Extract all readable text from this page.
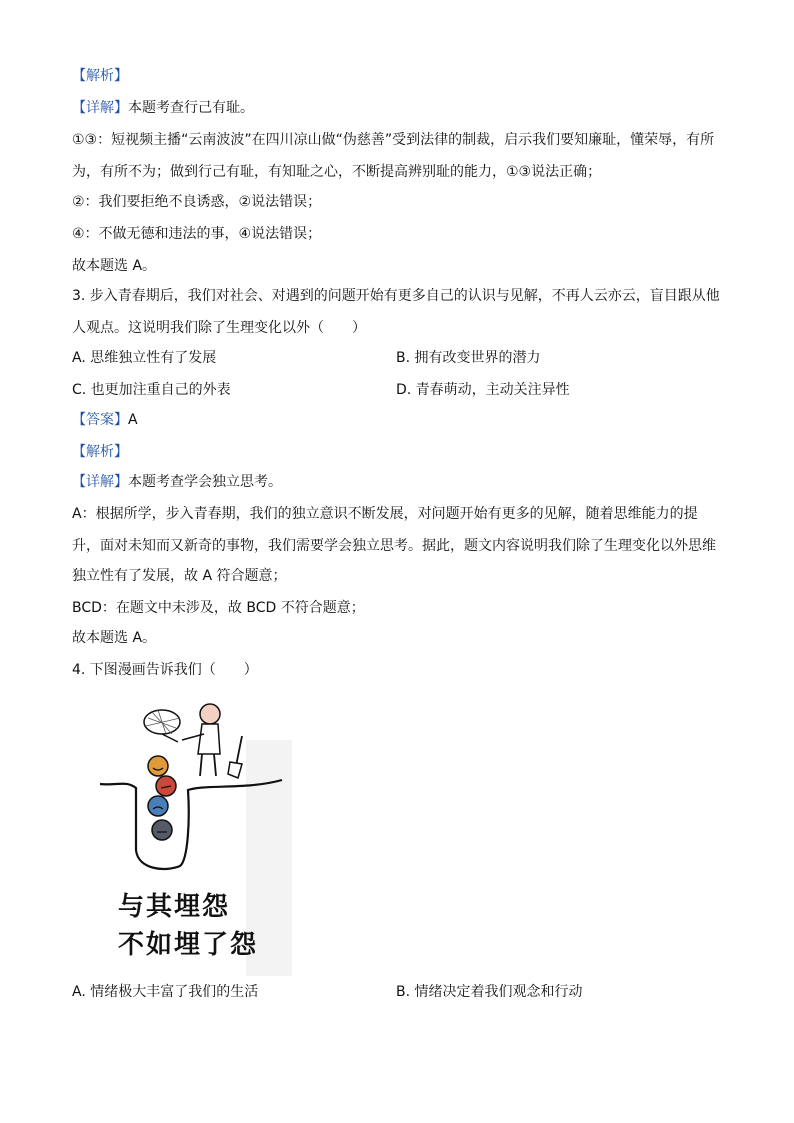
【解析】
【详解】本题考查行己有耻。
①③：短视频主播“云南波波”在四川凉山做“伪慈善”受到法律的制裁，启示我们要知廉耻，懂荣辱，有所
为，有所不为；做到行己有耻，有知耻之心，不断提高辨别耻的能力，①③说法正确；
②：我们要拒绝不良诱惑，②说法错误；
④：不做无德和违法的事，④说法错误；
故本题选 A。
3. 步入青春期后，我们对社会、对遇到的问题开始有更多自己的认识与见解，不再人云亦云，盲目跟从他
人观点。这说明我们除了生理变化以外（　　）
A. 思维独立性有了发展	B. 拥有改变世界的潜力
C. 也更加注重自己的外表	D. 青春萌动，主动关注异性
【答案】A
【解析】
【详解】本题考查学会独立思考。
A：根据所学，步入青春期，我们的独立意识不断发展，对问题开始有更多的见解，随着思维能力的提
升，面对未知而又新奇的事物，我们需要学会独立思考。据此，题文内容说明我们除了生理变化以外思维
独立性有了发展，故 A 符合题意；
BCD：在题文中未涉及，故 BCD 不符合题意；
故本题选 A。
4. 下图漫画告诉我们（　　）
与其埋怨
不如埋了怨
A. 情绪极大丰富了我们的生活	B. 情绪决定着我们观念和行动
